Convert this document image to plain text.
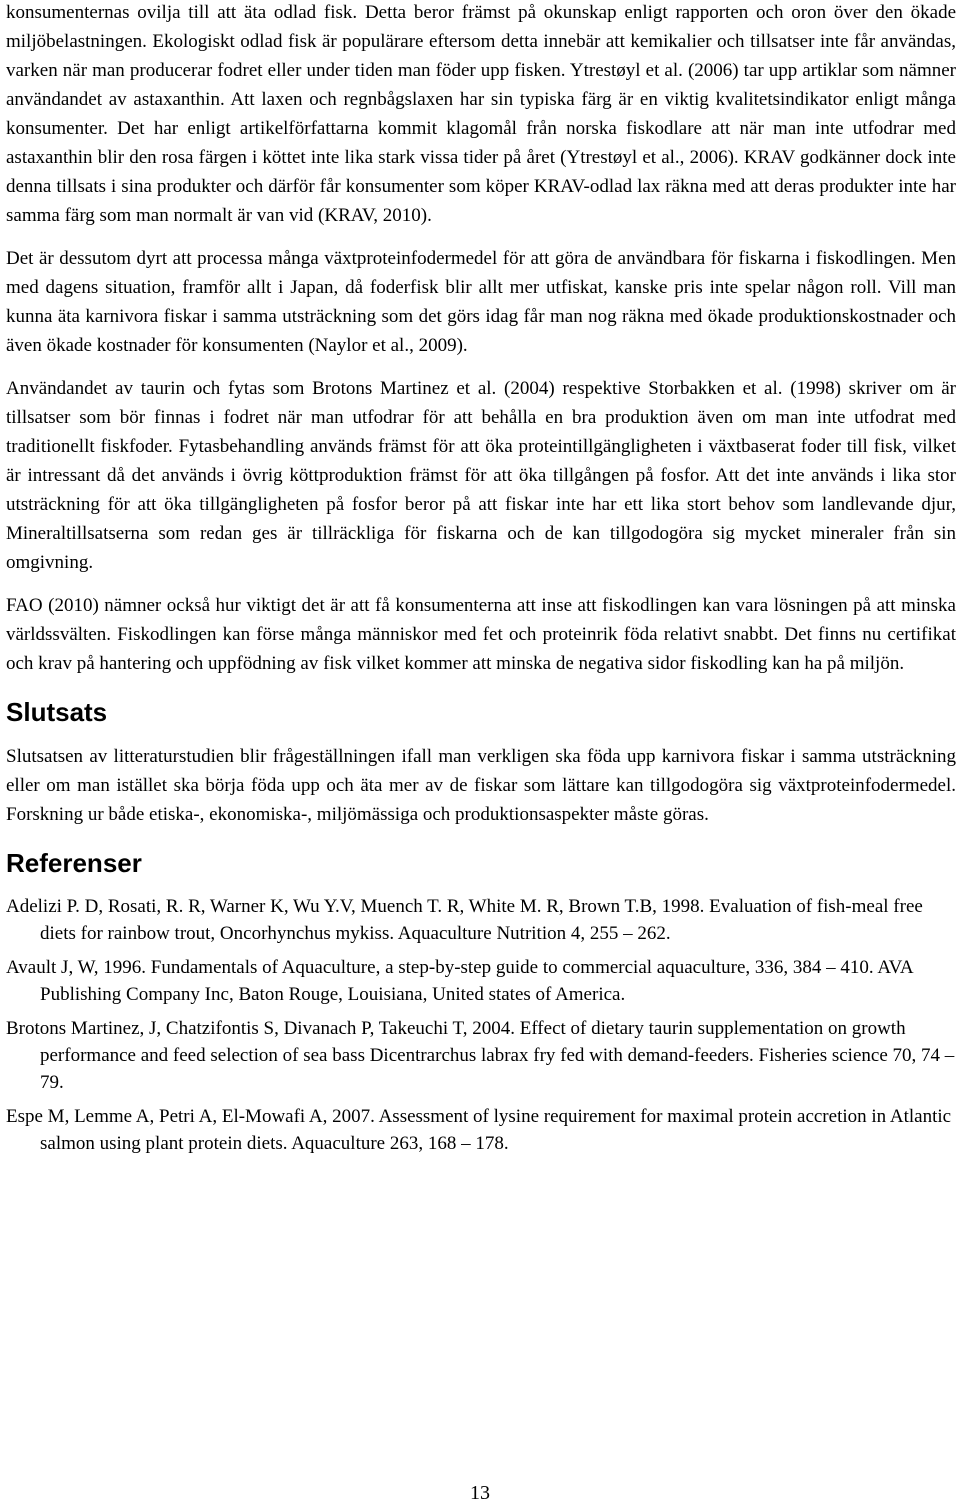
konsumenternas ovilja till att äta odlad fisk. Detta beror främst på okunskap enligt rapporten och oron över den ökade miljöbelastningen. Ekologiskt odlad fisk är populärare eftersom detta innebär att kemikalier och tillsatser inte får användas, varken när man producerar fodret eller under tiden man föder upp fisken. Ytrestøyl et al. (2006) tar upp artiklar som nämner användandet av astaxanthin. Att laxen och regnbågslaxen har sin typiska färg är en viktig kvalitetsindikator enligt många konsumenter. Det har enligt artikelförfattarna kommit klagomål från norska fiskodlare att när man inte utfodrar med astaxanthin blir den rosa färgen i köttet inte lika stark vissa tider på året (Ytrestøyl et al., 2006). KRAV godkänner dock inte denna tillsats i sina produkter och därför får konsumenter som köper KRAV-odlad lax räkna med att deras produkter inte har samma färg som man normalt är van vid (KRAV, 2010).

Det är dessutom dyrt att processa många växtproteinfodermedel för att göra de användbara för fiskarna i fiskodlingen. Men med dagens situation, framför allt i Japan, då foderfisk blir allt mer utfiskat, kanske pris inte spelar någon roll. Vill man kunna äta karnivora fiskar i samma utsträckning som det görs idag får man nog räkna med ökade produktionskostnader och även ökade kostnader för konsumenten (Naylor et al., 2009).

Användandet av taurin och fytas som Brotons Martinez et al. (2004) respektive Storbakken et al. (1998) skriver om är tillsatser som bör finnas i fodret när man utfodrar för att behålla en bra produktion även om man inte utfodrat med traditionellt fiskfoder. Fytasbehandling används främst för att öka proteintillgängligheten i växtbaserat foder till fisk, vilket är intressant då det används i övrig köttproduktion främst för att öka tillgången på fosfor. Att det inte används i lika stor utsträckning för att öka tillgängligheten på fosfor beror på att fiskar inte har ett lika stort behov som landlevande djur, Mineraltillsatserna som redan ges är tillräckliga för fiskarna och de kan tillgodogöra sig mycket mineraler från sin omgivning.

FAO (2010) nämner också hur viktigt det är att få konsumenterna att inse att fiskodlingen kan vara lösningen på att minska världssvälten. Fiskodlingen kan förse många människor med fet och proteinrik föda relativt snabbt. Det finns nu certifikat och krav på hantering och uppfödning av fisk vilket kommer att minska de negativa sidor fiskodling kan ha på miljön.

Slutsats

Slutsatsen av litteraturstudien blir frågeställningen ifall man verkligen ska föda upp karnivora fiskar i samma utsträckning eller om man istället ska börja föda upp och äta mer av de fiskar som lättare kan tillgodogöra sig växtproteinfodermedel. Forskning ur både etiska-, ekonomiska-, miljömässiga och produktionsaspekter måste göras.

Referenser
Adelizi P. D, Rosati, R. R, Warner K, Wu Y.V, Muench T. R, White M. R, Brown T.B, 1998. Evaluation of fish-meal free diets for rainbow trout, Oncorhynchus mykiss. Aquaculture Nutrition 4, 255 – 262.
Avault J, W, 1996. Fundamentals of Aquaculture, a step-by-step guide to commercial aquaculture, 336, 384 – 410. AVA Publishing Company Inc, Baton Rouge, Louisiana, United states of America.
Brotons Martinez, J, Chatzifontis S, Divanach P, Takeuchi T, 2004. Effect of dietary taurin supplementation on growth performance and feed selection of sea bass Dicentrarchus labrax fry fed with demand-feeders. Fisheries science 70, 74 – 79.
Espe M, Lemme A, Petri A, El-Mowafi A, 2007. Assessment of lysine requirement for maximal protein accretion in Atlantic salmon using plant protein diets. Aquaculture 263, 168 – 178.
13
